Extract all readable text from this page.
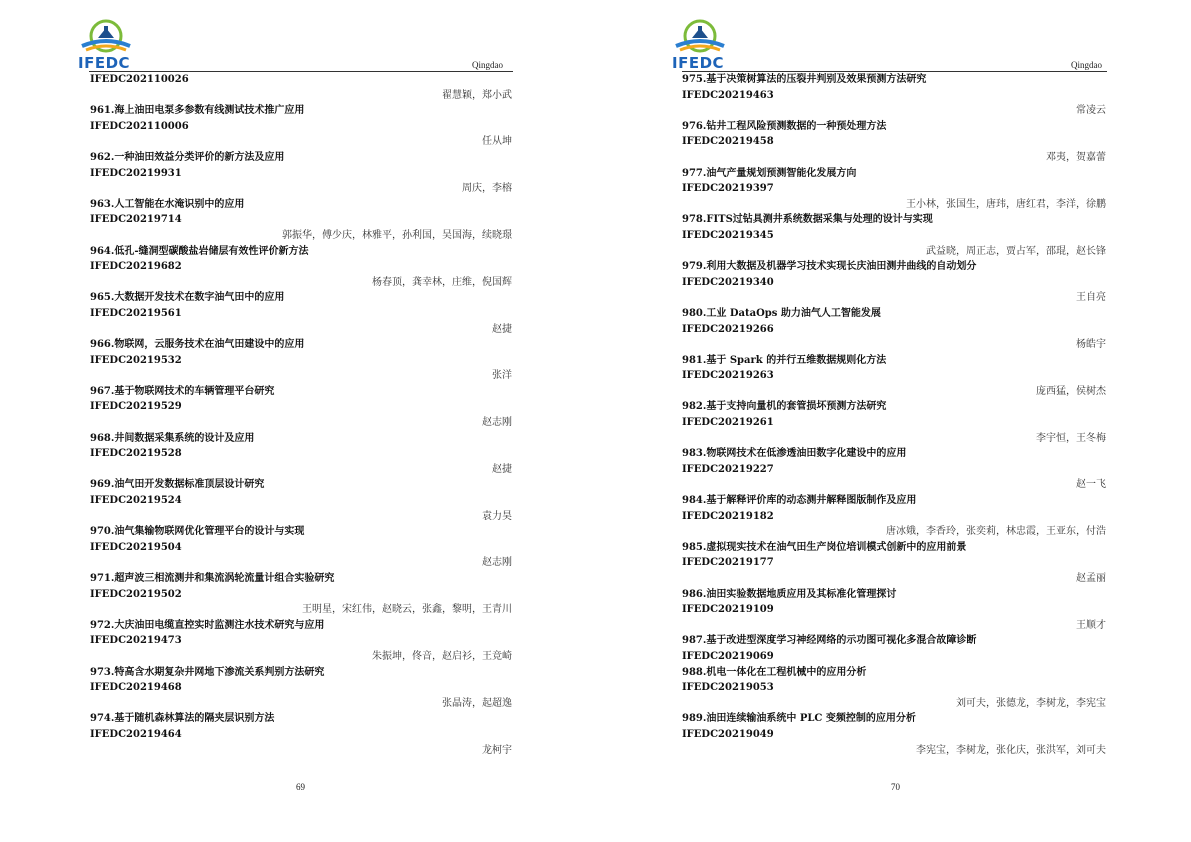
IFEDC	Qingdao
IFEDC202110026
翟慧颖，郑小武
961.海上油田电泵多参数有线测试技术推广应用
IFEDC202110006
任从坤
962.一种油田效益分类评价的新方法及应用
IFEDC20219931
周庆，李榕
963.人工智能在水淹识别中的应用
IFEDC20219714
郭振华，傅少庆，林雅平，孙利国，吴国海，续晓璟
964.低孔-缝洞型碳酸盐岩储层有效性评价新方法
IFEDC20219682
杨春顶，龚幸林，庄维，倪国辉
965.大数据开发技术在数字油气田中的应用
IFEDC20219561
赵捷
966.物联网，云服务技术在油气田建设中的应用
IFEDC20219532
张洋
967.基于物联网技术的车辆管理平台研究
IFEDC20219529
赵志刚
968.井间数据采集系统的设计及应用
IFEDC20219528
赵捷
969.油气田开发数据标准顶层设计研究
IFEDC20219524
袁力昊
970.油气集输物联网优化管理平台的设计与实现
IFEDC20219504
赵志刚
971.超声波三相流测井和集流涡轮流量计组合实验研究
IFEDC20219502
王明星，宋红伟，赵晓云，张鑫，黎明，王青川
972.大庆油田电缆直控实时监测注水技术研究与应用
IFEDC20219473
朱振坤，佟音，赵启衫，王竞崎
973.特高含水期复杂井网地下渗流关系判别方法研究
IFEDC20219468
张晶涛，起超逸
974.基于随机森林算法的隔夹层识别方法
IFEDC20219464
龙柯宇
69
IFEDC	Qingdao
975.基于决策树算法的压裂井判别及效果预测方法研究
IFEDC20219463
常凌云
976.钻井工程风险预测数据的一种预处理方法
IFEDC20219458
邓夷，贺嘉蕾
977.油气产量规划预测智能化发展方向
IFEDC20219397
王小林，张国生，唐玮，唐红君，李洋，徐鹏
978.FITS过钻具测井系统数据采集与处理的设计与实现
IFEDC20219345
武益晓，周正志，贾占军，邵琨，赵长锋
979.利用大数据及机器学习技术实现长庆油田测井曲线的自动划分
IFEDC20219340
王自亮
980.工业 DataOps 助力油气人工智能发展
IFEDC20219266
杨皓宇
981.基于 Spark 的并行五维数据规则化方法
IFEDC20219263
庞西猛，侯树杰
982.基于支持向量机的套管损坏预测方法研究
IFEDC20219261
李宇恒，王冬梅
983.物联网技术在低渗透油田数字化建设中的应用
IFEDC20219227
赵一飞
984.基于解释评价库的动态测井解释图版制作及应用
IFEDC20219182
唐冰娥，李香玲，张奕莉，林忠霞，王亚东，付浩
985.虚拟现实技术在油气田生产岗位培训模式创新中的应用前景
IFEDC20219177
赵孟丽
986.油田实验数据地质应用及其标准化管理探讨
IFEDC20219109
王顺才
987.基于改进型深度学习神经网络的示功图可视化多混合故障诊断
IFEDC20219069
988.机电一体化在工程机械中的应用分析
IFEDC20219053
刘可夫，张德龙，李树龙，李宪宝
989.油田连续输油系统中 PLC 变频控制的应用分析
IFEDC20219049
李宪宝，李树龙，张化庆，张洪军，刘可夫
70
